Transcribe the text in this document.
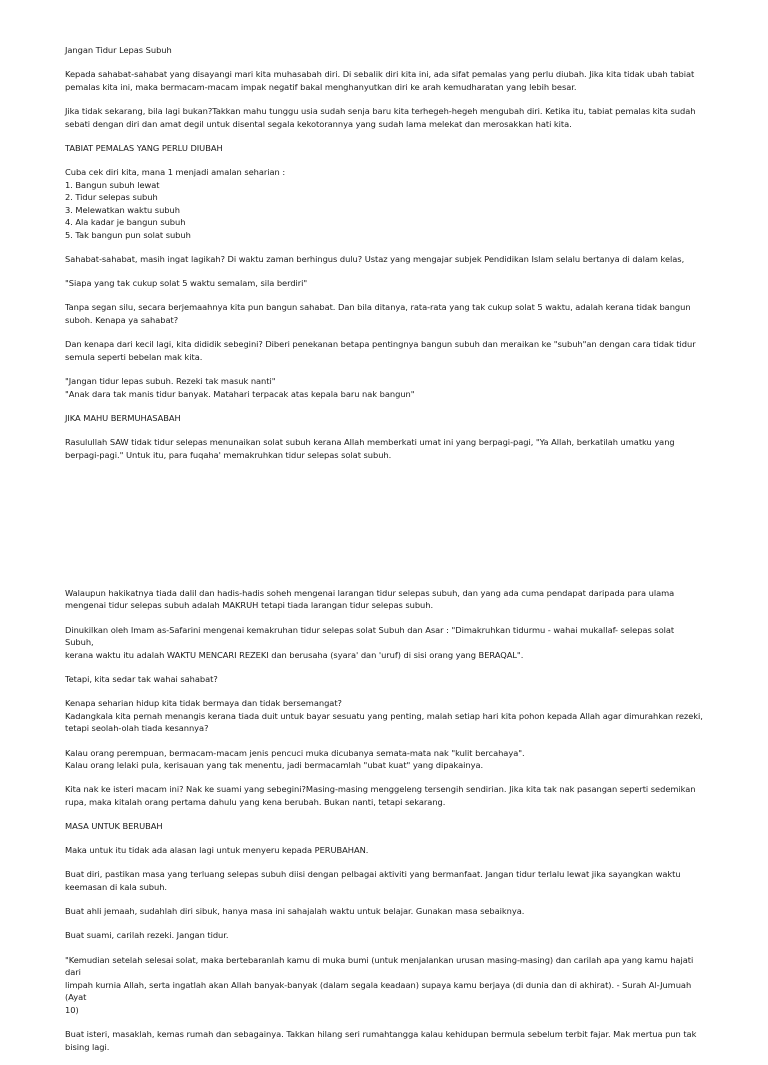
Jangan Tidur Lepas Subuh
Kepada sahabat-sahabat yang disayangi mari kita muhasabah diri. Di sebalik diri kita ini, ada sifat pemalas yang perlu diubah. Jika kita tidak ubah tabiat
pemalas kita ini, maka bermacam-macam impak negatif bakal menghanyutkan diri ke arah kemudharatan yang lebih besar.
Jika tidak sekarang, bila lagi bukan?Takkan mahu tunggu usia sudah senja baru kita terhegeh-hegeh mengubah diri. Ketika itu, tabiat pemalas kita sudah
sebati dengan diri dan amat degil untuk disental segala kekotorannya yang sudah lama melekat dan merosakkan hati kita.
TABIAT PEMALAS YANG PERLU DIUBAH
Cuba cek diri kita, mana 1 menjadi amalan seharian :
1. Bangun subuh lewat
2. Tidur selepas subuh
3. Melewatkan waktu subuh
4. Ala kadar je bangun subuh
5. Tak bangun pun solat subuh
Sahabat-sahabat, masih ingat lagikah? Di waktu zaman berhingus dulu? Ustaz yang mengajar subjek Pendidikan Islam selalu bertanya di dalam kelas,
"Siapa yang tak cukup solat 5 waktu semalam, sila berdiri"
Tanpa segan silu, secara berjemaahnya kita pun bangun sahabat. Dan bila ditanya, rata-rata yang tak cukup solat 5 waktu, adalah kerana tidak bangun
suboh. Kenapa ya sahabat?
Dan kenapa dari kecil lagi, kita dididik sebegini? Diberi penekanan betapa pentingnya bangun subuh dan meraikan ke "subuh"an dengan cara tidak tidur
semula seperti bebelan mak kita.
"Jangan tidur lepas subuh. Rezeki tak masuk nanti"
"Anak dara tak manis tidur banyak. Matahari terpacak atas kepala baru nak bangun"
JIKA MAHU BERMUHASABAH
Rasulullah SAW tidak tidur selepas menunaikan solat subuh kerana Allah memberkati umat ini yang berpagi-pagi, "Ya Allah, berkatilah umatku yang
berpagi-pagi." Untuk itu, para fuqaha' memakruhkan tidur selepas solat subuh.
Walaupun hakikatnya tiada dalil dan hadis-hadis soheh mengenai larangan tidur selepas subuh, dan yang ada cuma pendapat daripada para ulama
mengenai tidur selepas subuh adalah MAKRUH tetapi tiada larangan tidur selepas subuh.
Dinukilkan oleh Imam as-Safarini mengenai kemakruhan tidur selepas solat Subuh dan Asar : "Dimakruhkan tidurmu - wahai mukallaf- selepas solat Subuh,
kerana waktu itu adalah WAKTU MENCARI REZEKI dan berusaha (syara' dan 'uruf) di sisi orang yang BERAQAL".
Tetapi, kita sedar tak wahai sahabat?
Kenapa seharian hidup kita tidak bermaya dan tidak bersemangat?
Kadangkala kita pernah menangis kerana tiada duit untuk bayar sesuatu yang penting, malah setiap hari kita pohon kepada Allah agar dimurahkan rezeki,
tetapi seolah-olah tiada kesannya?
Kalau orang perempuan, bermacam-macam jenis pencuci muka dicubanya semata-mata nak "kulit bercahaya".
Kalau orang lelaki pula, kerisauan yang tak menentu, jadi bermacamlah "ubat kuat" yang dipakainya.
Kita nak ke isteri macam ini? Nak ke suami yang sebegini?Masing-masing menggeleng tersengih sendirian. Jika kita tak nak pasangan seperti sedemikan
rupa, maka kitalah orang pertama dahulu yang kena berubah. Bukan nanti, tetapi sekarang.
MASA UNTUK BERUBAH
Maka untuk itu tidak ada alasan lagi untuk menyeru kepada PERUBAHAN.
Buat diri, pastikan masa yang terluang selepas subuh diisi dengan pelbagai aktiviti yang bermanfaat. Jangan tidur terlalu lewat jika sayangkan waktu
keemasan di kala subuh.
Buat ahli jemaah, sudahlah diri sibuk, hanya masa ini sahajalah waktu untuk belajar. Gunakan masa sebaiknya.
Buat suami, carilah rezeki. Jangan tidur.
"Kemudian setelah selesai solat, maka bertebaranlah kamu di muka bumi (untuk menjalankan urusan masing-masing) dan carilah apa yang kamu hajati dari
limpah kurnia Allah, serta ingatlah akan Allah banyak-banyak (dalam segala keadaan) supaya kamu berjaya (di dunia dan di akhirat). - Surah Al-Jumuah (Ayat
10)
Buat isteri, masaklah, kemas rumah dan sebagainya. Takkan hilang seri rumahtangga kalau kehidupan bermula sebelum terbit fajar. Mak mertua pun tak
bising lagi.
